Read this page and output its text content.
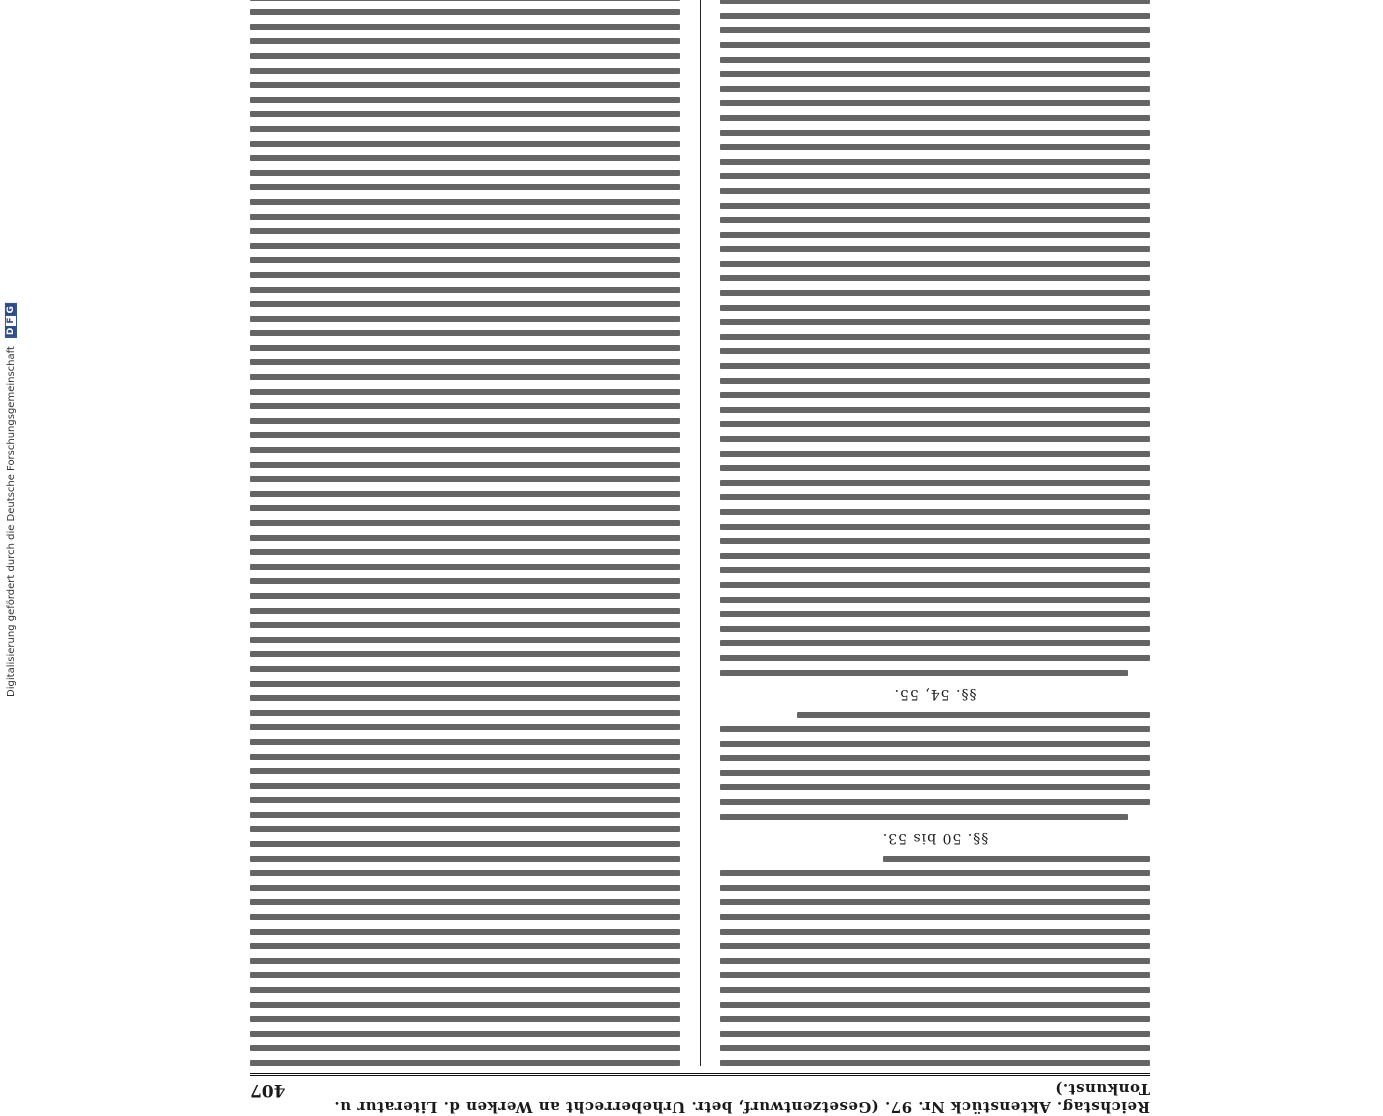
Digitalisierung gefördert durch die Deutsche Forschungsgemeinschaft
D
F
G
Reichstag. Aktenstück Nr. 97. (Gesetzentwurf, betr. Urheberrecht an Werken d. Literatur u. Tonkunst.)
407
§§. 50 bis 53.
§§. 54, 55.
